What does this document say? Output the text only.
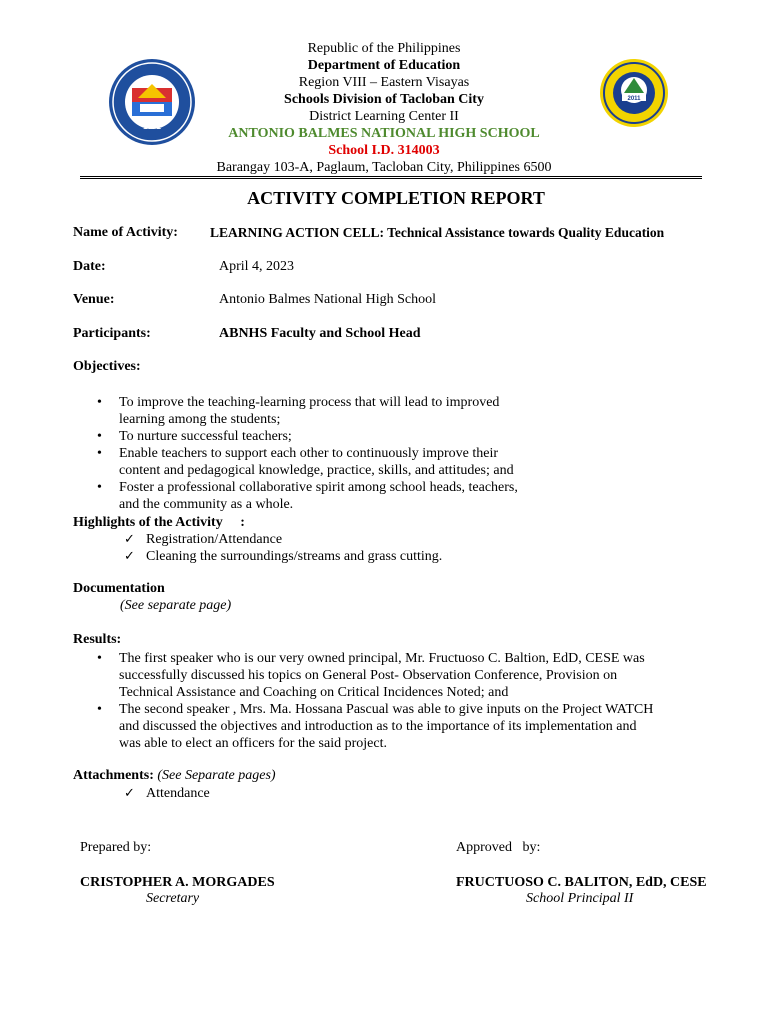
1971
2011
Republic of the Philippines
Department of Education
Region VIII – Eastern Visayas
Schools Division of Tacloban City
District Learning Center II
ANTONIO BALMES NATIONAL HIGH SCHOOL
School I.D. 314003
Barangay 103-A, Paglaum, Tacloban City, Philippines 6500
ACTIVITY COMPLETION REPORT
Name of Activity: LEARNING ACTION CELL: Technical Assistance towards Quality Education
Date:	April 4, 2023
Venue:	Antonio Balmes National High School
Participants:	ABNHS Faculty and School Head
Objectives:
• To improve the teaching-learning process that will lead to improved
learning among the students;
• To nurture successful teachers;
• Enable teachers to support each other to continuously improve their
content and pedagogical knowledge, practice, skills, and attitudes; and
• Foster a professional collaborative spirit among school heads, teachers,
and the community as a whole.
Highlights of the Activity     :
✓ Registration/Attendance
✓ Cleaning the surroundings/streams and grass cutting.
Documentation
(See separate page)
Results:
• The first speaker who is our very owned principal, Mr. Fructuoso C. Baltion, EdD, CESE was
successfully discussed his topics on General Post- Observation Conference, Provision on
Technical Assistance and Coaching on Critical Incidences Noted; and
• The second speaker , Mrs. Ma. Hossana Pascual was able to give inputs on the Project WATCH
and discussed the objectives and introduction as to the importance of its implementation and
was able to elect an officers for the said project.
Attachments: (See Separate pages)
✓ Attendance
Prepared by:	Approved   by:
CRISTOPHER A. MORGADES
Secretary
FRUCTUOSO C. BALITON, EdD, CESE
School Principal II
